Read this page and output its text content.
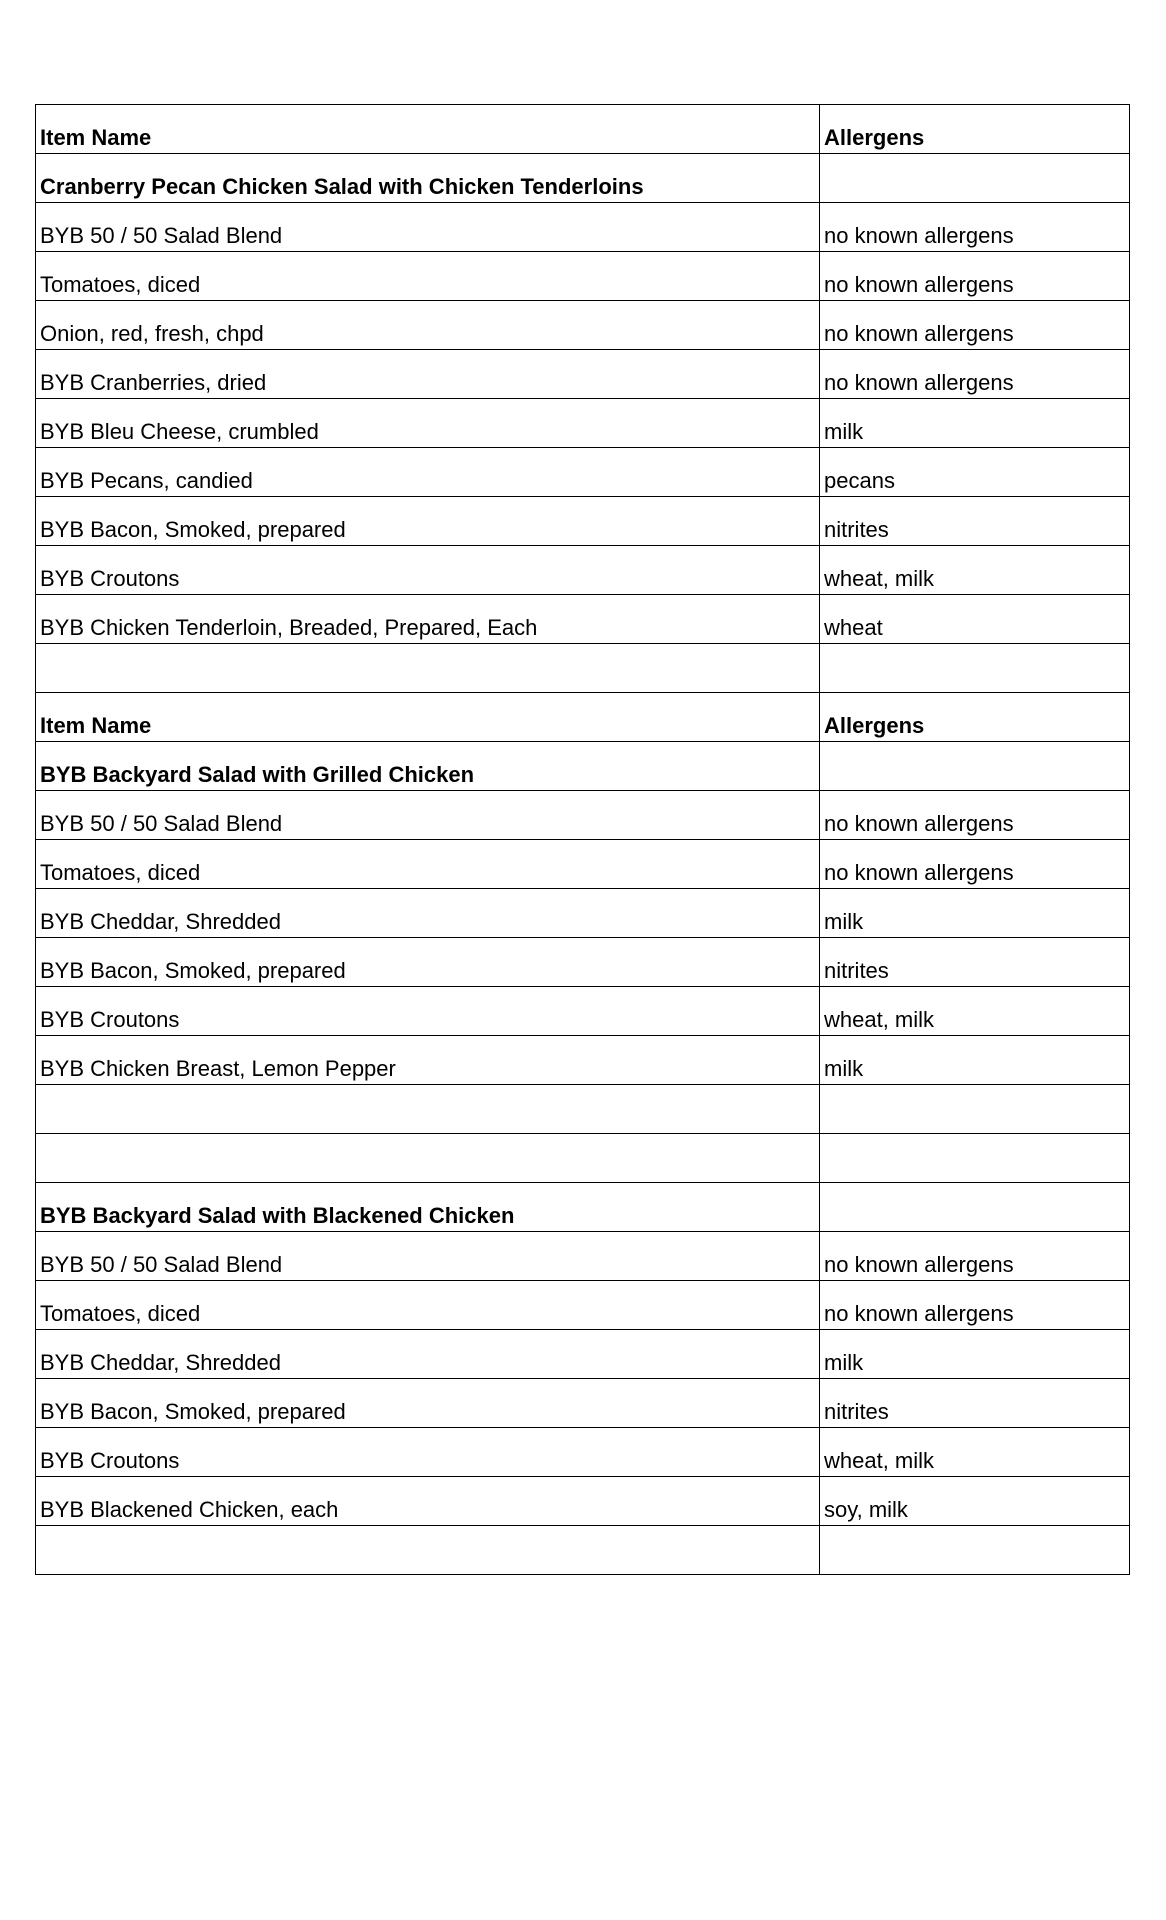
Item Name	Allergens
Cranberry Pecan Chicken Salad with Chicken Tenderloins	
BYB 50 / 50 Salad Blend	no known allergens
Tomatoes, diced	no known allergens
Onion, red, fresh, chpd	no known allergens
BYB Cranberries, dried	no known allergens
BYB Bleu Cheese, crumbled	milk
BYB Pecans, candied	pecans
BYB Bacon, Smoked, prepared	nitrites
BYB Croutons	wheat, milk
BYB Chicken Tenderloin, Breaded, Prepared, Each	wheat

Item Name	Allergens
BYB Backyard Salad with Grilled Chicken	
BYB 50 / 50 Salad Blend	no known allergens
Tomatoes, diced	no known allergens
BYB Cheddar, Shredded	milk
BYB Bacon, Smoked, prepared	nitrites
BYB Croutons	wheat, milk
BYB Chicken Breast, Lemon Pepper	milk

BYB Backyard Salad with Blackened Chicken	
BYB 50 / 50 Salad Blend	no known allergens
Tomatoes, diced	no known allergens
BYB Cheddar, Shredded	milk
BYB Bacon, Smoked, prepared	nitrites
BYB Croutons	wheat, milk
BYB Blackened Chicken, each	soy, milk
